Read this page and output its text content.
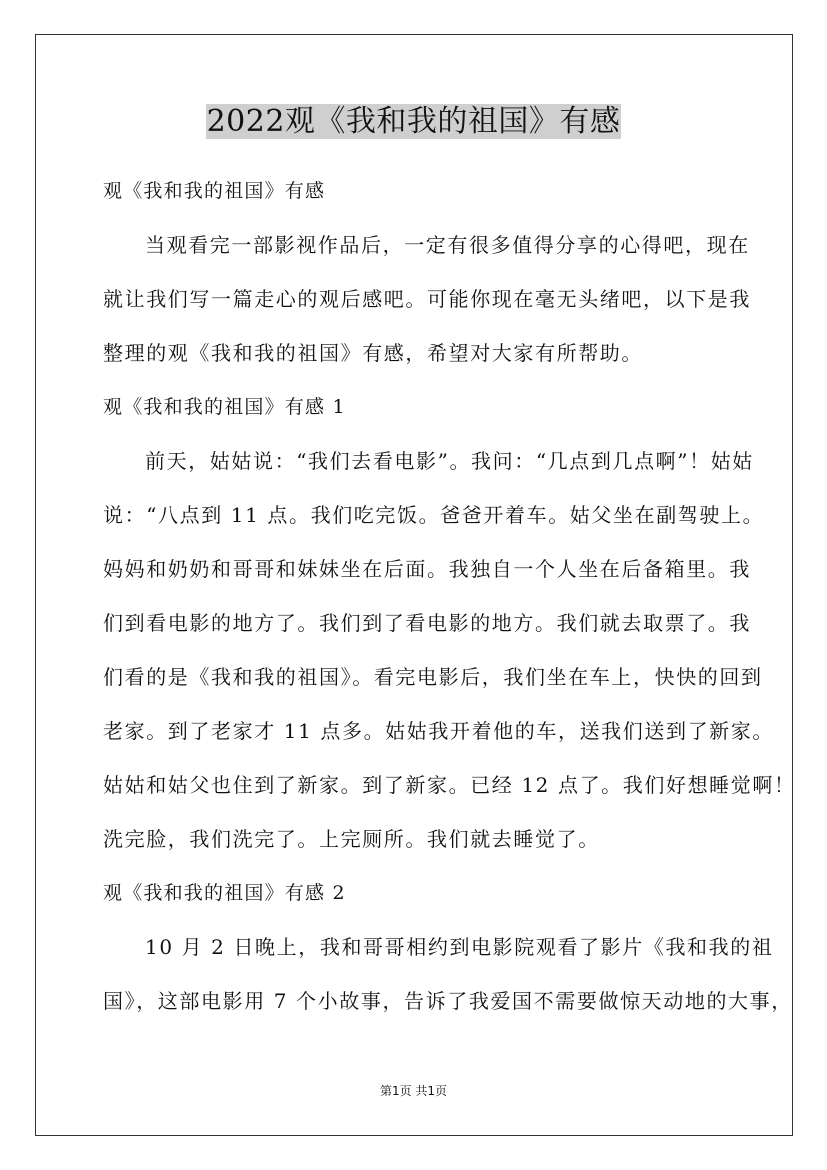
2022观《我和我的祖国》有感

观《我和我的祖国》有感

当观看完一部影视作品后，一定有很多值得分享的心得吧，现在

就让我们写一篇走心的观后感吧。可能你现在毫无头绪吧，以下是我

整理的观《我和我的祖国》有感，希望对大家有所帮助。

观《我和我的祖国》有感 1

前天，姑姑说：“我们去看电影”。我问：“几点到几点啊”！姑姑

说：“八点到 11 点。我们吃完饭。爸爸开着车。姑父坐在副驾驶上。

妈妈和奶奶和哥哥和妹妹坐在后面。我独自一个人坐在后备箱里。我

们到看电影的地方了。我们到了看电影的地方。我们就去取票了。我

们看的是《我和我的祖国》。看完电影后，我们坐在车上，快快的回到

老家。到了老家才 11 点多。姑姑我开着他的车，送我们送到了新家。

姑姑和姑父也住到了新家。到了新家。已经 12 点了。我们好想睡觉啊！

洗完脸，我们洗完了。上完厕所。我们就去睡觉了。

观《我和我的祖国》有感 2

10 月 2 日晚上，我和哥哥相约到电影院观看了影片《我和我的祖

国》，这部电影用 7 个小故事，告诉了我爱国不需要做惊天动地的大事，

第1页 共1页
